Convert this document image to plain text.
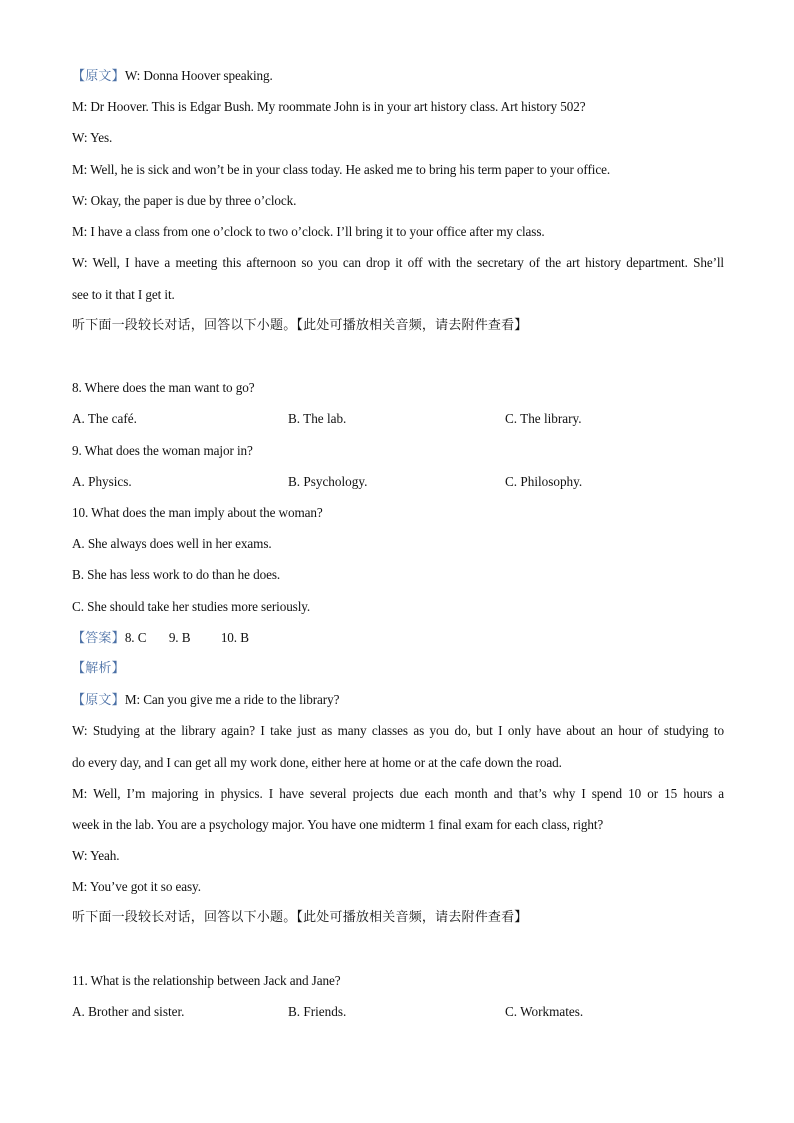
【原文】W: Donna Hoover speaking.
M: Dr Hoover. This is Edgar Bush. My roommate John is in your art history class. Art history 502?
W: Yes.
M: Well, he is sick and won’t be in your class today. He asked me to bring his term paper to your office.
W: Okay, the paper is due by three o’clock.
M: I have a class from one o’clock to two o’clock. I’ll bring it to your office after my class.
W: Well, I have a meeting this afternoon so you can drop it off with the secretary of the art history department. She’ll
see to it that I get it.
听下面一段较长对话，回答以下小题。【此处可播放相关音频，请去附件查看】
8. Where does the man want to go?
A. The café.	B. The lab.	C. The library.
9. What does the woman major in?
A. Physics.	B. Psychology.	C. Philosophy.
10. What does the man imply about the woman?
A. She always does well in her exams.
B. She has less work to do than he does.
C. She should take her studies more seriously.
【答案】8. C 9. B 10. B
【解析】
【原文】M: Can you give me a ride to the library?
W: Studying at the library again? I take just as many classes as you do, but I only have about an hour of studying to
do every day, and I can get all my work done, either here at home or at the cafe down the road.
M: Well, I’m majoring in physics. I have several projects due each month and that’s why I spend 10 or 15 hours a
week in the lab. You are a psychology major. You have one midterm 1 final exam for each class, right?
W: Yeah.
M: You’ve got it so easy.
听下面一段较长对话，回答以下小题。【此处可播放相关音频，请去附件查看】
11. What is the relationship between Jack and Jane?
A. Brother and sister.	B. Friends.	C. Workmates.
